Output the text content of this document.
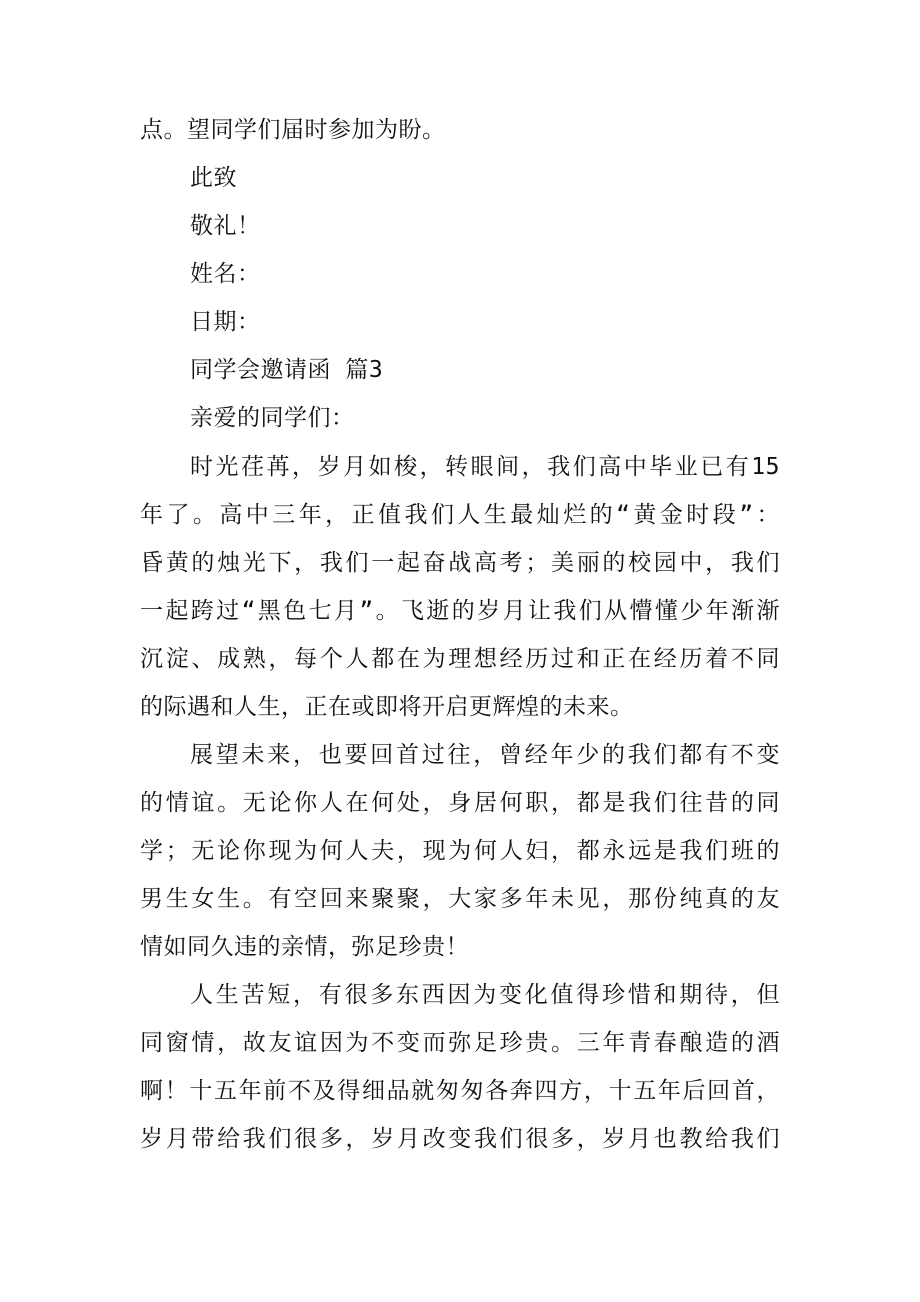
点。望同学们届时参加为盼。
此致
敬礼！
姓名：
日期：
同学会邀请函 篇3
亲爱的同学们：
时光荏苒，岁月如梭，转眼间，我们高中毕业已有15
年了。高中三年，正值我们人生最灿烂的“黄金时段”：
昏黄的烛光下，我们一起奋战高考；美丽的校园中，我们
一起跨过“黑色七月”。飞逝的岁月让我们从懵懂少年渐渐
沉淀、成熟，每个人都在为理想经历过和正在经历着不同
的际遇和人生，正在或即将开启更辉煌的未来。
展望未来，也要回首过往，曾经年少的我们都有不变
的情谊。无论你人在何处，身居何职，都是我们往昔的同
学；无论你现为何人夫，现为何人妇，都永远是我们班的
男生女生。有空回来聚聚，大家多年未见，那份纯真的友
情如同久违的亲情，弥足珍贵！
人生苦短，有很多东西因为变化值得珍惜和期待，但
同窗情，故友谊因为不变而弥足珍贵。三年青春酿造的酒
啊！十五年前不及得细品就匆匆各奔四方，十五年后回首，
岁月带给我们很多，岁月改变我们很多，岁月也教给我们
